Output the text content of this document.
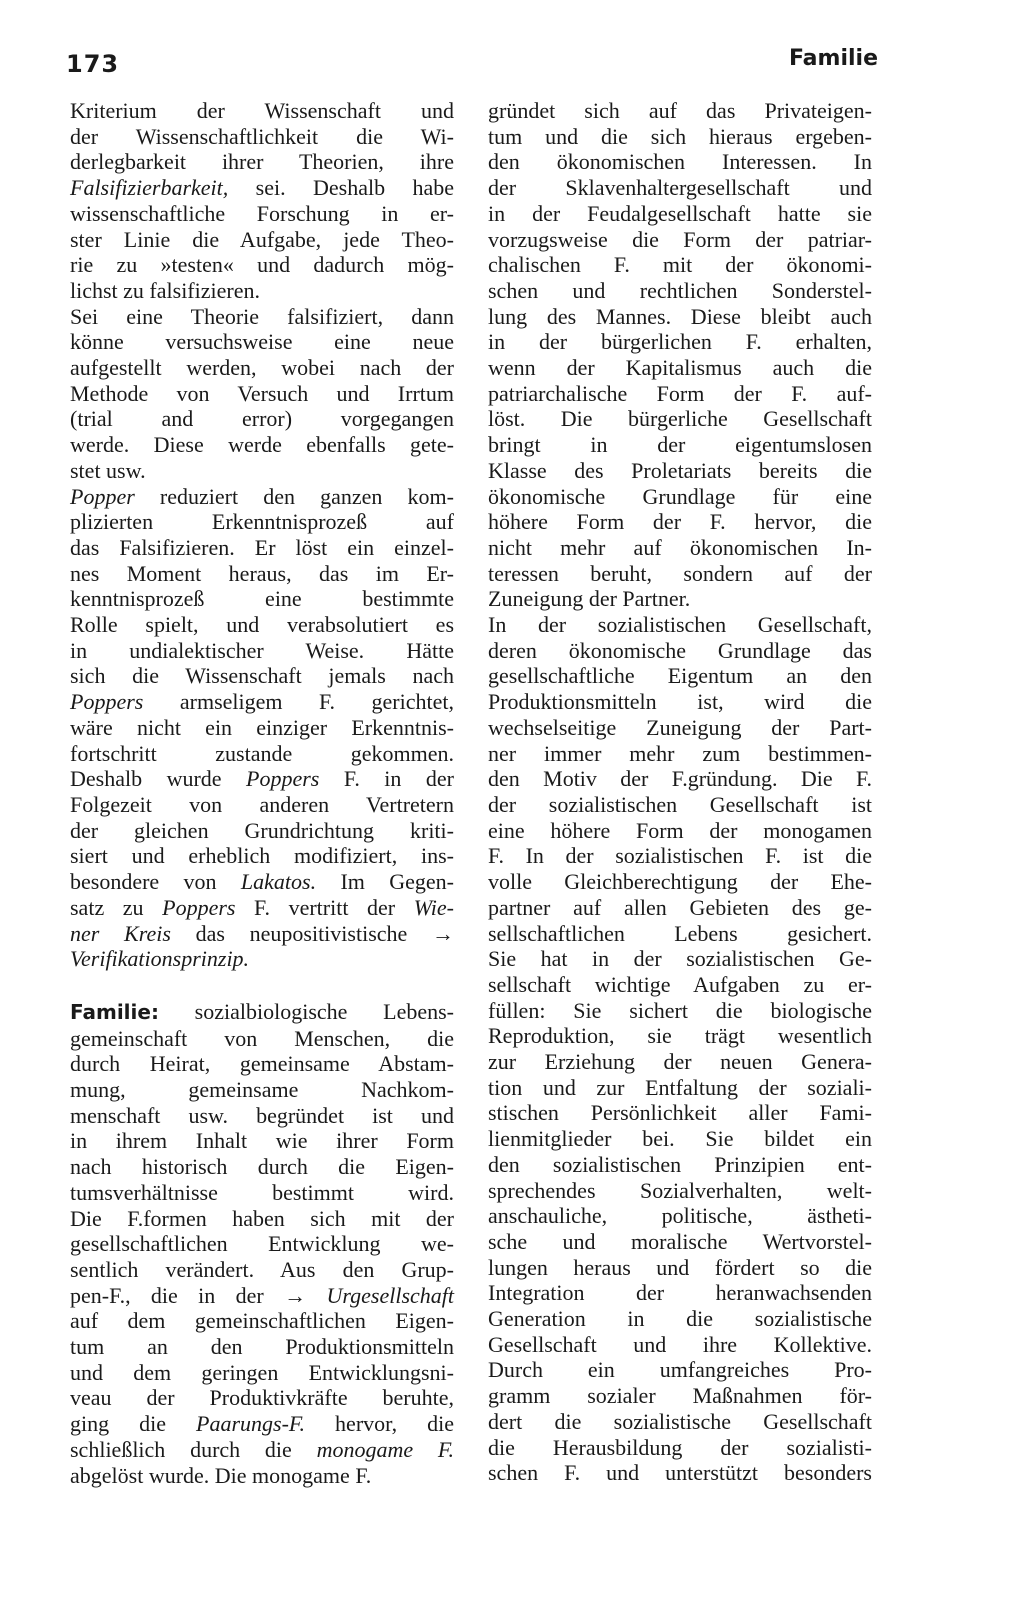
173	Familie
Kriterium der Wissenschaft und
der Wissenschaftlichkeit die Wi-
derlegbarkeit ihrer Theorien, ihre
Falsifizierbarkeit, sei. Deshalb habe
wissenschaftliche Forschung in er-
ster Linie die Aufgabe, jede Theo-
rie zu »testen« und dadurch mög-
lichst zu falsifizieren.
Sei eine Theorie falsifiziert, dann
könne versuchsweise eine neue
aufgestellt werden, wobei nach der
Methode von Versuch und Irrtum
(trial and error) vorgegangen
werde. Diese werde ebenfalls gete-
stet usw.
Popper reduziert den ganzen kom-
plizierten Erkenntnisprozeß auf
das Falsifizieren. Er löst ein einzel-
nes Moment heraus, das im Er-
kenntnisprozeß eine bestimmte
Rolle spielt, und verabsolutiert es
in undialektischer Weise. Hätte
sich die Wissenschaft jemals nach
Poppers armseligem F. gerichtet,
wäre nicht ein einziger Erkenntnis-
fortschritt zustande gekommen.
Deshalb wurde Poppers F. in der
Folgezeit von anderen Vertretern
der gleichen Grundrichtung kriti-
siert und erheblich modifiziert, ins-
besondere von Lakatos. Im Gegen-
satz zu Poppers F. vertritt der Wie-
ner Kreis das neupositivistische →
Verifikationsprinzip.
Familie: sozialbiologische Lebens-
gemeinschaft von Menschen, die
durch Heirat, gemeinsame Abstam-
mung, gemeinsame Nachkom-
menschaft usw. begründet ist und
in ihrem Inhalt wie ihrer Form
nach historisch durch die Eigen-
tumsverhältnisse bestimmt wird.
Die F.formen haben sich mit der
gesellschaftlichen Entwicklung we-
sentlich verändert. Aus den Grup-
pen-F., die in der → Urgesellschaft
auf dem gemeinschaftlichen Eigen-
tum an den Produktionsmitteln
und dem geringen Entwicklungsni-
veau der Produktivkräfte beruhte,
ging die Paarungs-F. hervor, die
schließlich durch die monogame F.
abgelöst wurde. Die monogame F.
gründet sich auf das Privateigen-
tum und die sich hieraus ergeben-
den ökonomischen Interessen. In
der Sklavenhaltergesellschaft und
in der Feudalgesellschaft hatte sie
vorzugsweise die Form der patriar-
chalischen F. mit der ökonomi-
schen und rechtlichen Sonderstel-
lung des Mannes. Diese bleibt auch
in der bürgerlichen F. erhalten,
wenn der Kapitalismus auch die
patriarchalische Form der F. auf-
löst. Die bürgerliche Gesellschaft
bringt in der eigentumslosen
Klasse des Proletariats bereits die
ökonomische Grundlage für eine
höhere Form der F. hervor, die
nicht mehr auf ökonomischen In-
teressen beruht, sondern auf der
Zuneigung der Partner.
In der sozialistischen Gesellschaft,
deren ökonomische Grundlage das
gesellschaftliche Eigentum an den
Produktionsmitteln ist, wird die
wechselseitige Zuneigung der Part-
ner immer mehr zum bestimmen-
den Motiv der F.gründung. Die F.
der sozialistischen Gesellschaft ist
eine höhere Form der monogamen
F. In der sozialistischen F. ist die
volle Gleichberechtigung der Ehe-
partner auf allen Gebieten des ge-
sellschaftlichen Lebens gesichert.
Sie hat in der sozialistischen Ge-
sellschaft wichtige Aufgaben zu er-
füllen: Sie sichert die biologische
Reproduktion, sie trägt wesentlich
zur Erziehung der neuen Genera-
tion und zur Entfaltung der soziali-
stischen Persönlichkeit aller Fami-
lienmitglieder bei. Sie bildet ein
den sozialistischen Prinzipien ent-
sprechendes Sozialverhalten, welt-
anschauliche, politische, ästheti-
sche und moralische Wertvorstel-
lungen heraus und fördert so die
Integration der heranwachsenden
Generation in die sozialistische
Gesellschaft und ihre Kollektive.
Durch ein umfangreiches Pro-
gramm sozialer Maßnahmen för-
dert die sozialistische Gesellschaft
die Herausbildung der sozialisti-
schen F. und unterstützt besonders
